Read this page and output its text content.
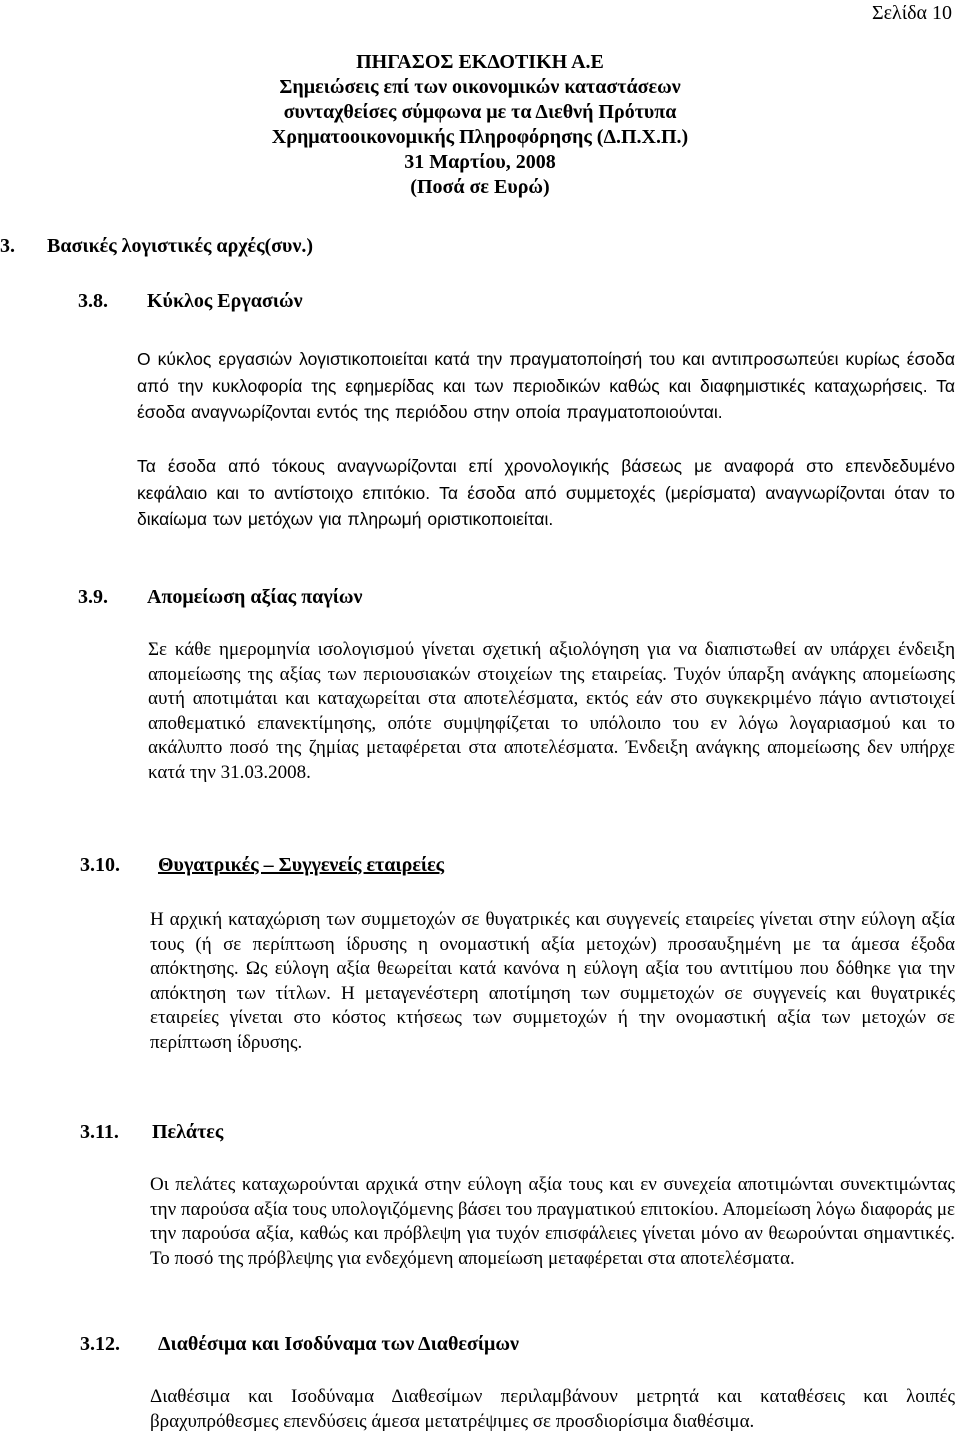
Σελίδα 10
ΠΗΓΑΣΟΣ ΕΚΔΟΤΙΚΗ Α.Ε
Σημειώσεις επί των οικονομικών καταστάσεων
συνταχθείσες σύμφωνα με τα Διεθνή Πρότυπα
Χρηματοοικονομικής Πληροφόρησης (Δ.Π.Χ.Π.)
31 Μαρτίου, 2008
(Ποσά σε Ευρώ)
3. Βασικές λογιστικές αρχές(συν.)
3.8. Κύκλος Εργασιών
Ο κύκλος εργασιών λογιστικοποιείται κατά την πραγματοποίησή του και αντιπροσωπεύει κυρίως έσοδα από την κυκλοφορία της εφημερίδας και των περιοδικών καθώς και διαφημιστικές καταχωρήσεις. Τα έσοδα αναγνωρίζονται εντός της περιόδου στην οποία πραγματοποιούνται.
Τα έσοδα από τόκους αναγνωρίζονται επί χρονολογικής βάσεως με αναφορά στο επενδεδυμένο κεφάλαιο και το αντίστοιχο επιτόκιο. Τα έσοδα από συμμετοχές (μερίσματα) αναγνωρίζονται όταν το δικαίωμα των μετόχων για πληρωμή οριστικοποιείται.
3.9. Απομείωση αξίας παγίων
Σε κάθε ημερομηνία ισολογισμού γίνεται σχετική αξιολόγηση για να διαπιστωθεί αν υπάρχει ένδειξη απομείωσης της αξίας των περιουσιακών στοιχείων της εταιρείας. Τυχόν ύπαρξη ανάγκης απομείωσης αυτή αποτιμάται και καταχωρείται στα αποτελέσματα, εκτός εάν στο συγκεκριμένο πάγιο αντιστοιχεί αποθεματικό επανεκτίμησης, οπότε συμψηφίζεται το υπόλοιπο του εν λόγω λογαριασμού και το ακάλυπτο ποσό της ζημίας μεταφέρεται στα αποτελέσματα. Ένδειξη ανάγκης απομείωσης δεν υπήρχε κατά την 31.03.2008.
3.10. Θυγατρικές – Συγγενείς εταιρείες
Η αρχική καταχώριση των συμμετοχών σε θυγατρικές και συγγενείς εταιρείες γίνεται στην εύλογη αξία τους (ή σε περίπτωση ίδρυσης η ονομαστική αξία μετοχών) προσαυξημένη με τα άμεσα έξοδα απόκτησης. Ως εύλογη αξία θεωρείται κατά κανόνα η εύλογη αξία του αντιτίμου που δόθηκε για την απόκτηση των τίτλων. Η μεταγενέστερη αποτίμηση των συμμετοχών σε συγγενείς και θυγατρικές εταιρείες γίνεται στο κόστος κτήσεως των συμμετοχών ή την ονομαστική αξία των μετοχών σε περίπτωση ίδρυσης.
3.11. Πελάτες
Οι πελάτες καταχωρούνται αρχικά στην εύλογη αξία τους και εν συνεχεία αποτιμώνται συνεκτιμώντας την παρούσα αξία τους υπολογιζόμενης βάσει του πραγματικού επιτοκίου. Απομείωση λόγω διαφοράς με την παρούσα αξία, καθώς και πρόβλεψη για τυχόν επισφάλειες γίνεται μόνο αν θεωρούνται σημαντικές. Το ποσό της πρόβλεψης για ενδεχόμενη απομείωση μεταφέρεται στα αποτελέσματα.
3.12. Διαθέσιμα και Ισοδύναμα των Διαθεσίμων
Διαθέσιμα και Ισοδύναμα Διαθεσίμων περιλαμβάνουν μετρητά και καταθέσεις και λοιπές βραχυπρόθεσμες επενδύσεις άμεσα μετατρέψιμες σε προσδιορίσιμα διαθέσιμα.
